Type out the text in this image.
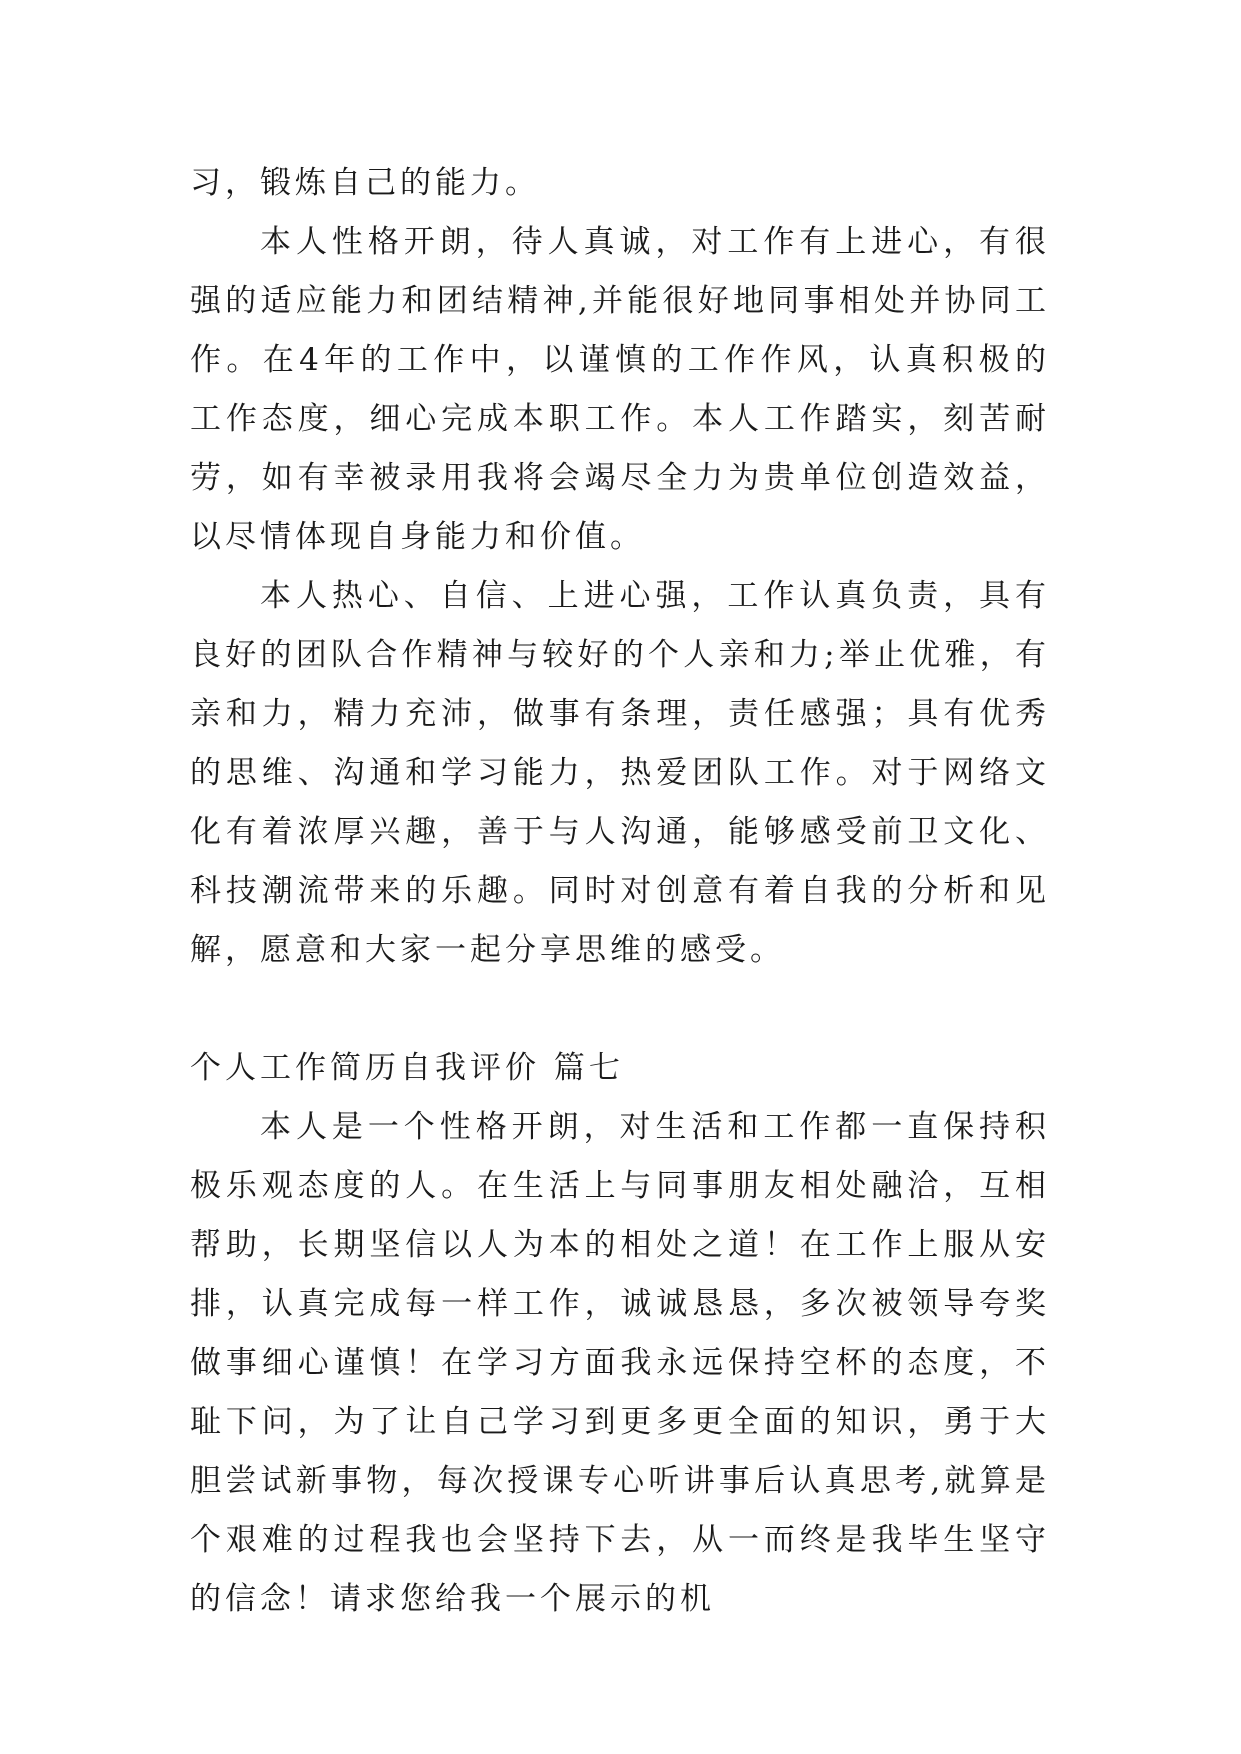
习，锻炼自己的能力。

本人性格开朗，待人真诚，对工作有上进心，有很强的适应能力和团结精神,并能很好地同事相处并协同工作。在4年的工作中，以谨慎的工作作风，认真积极的工作态度，细心完成本职工作。本人工作踏实，刻苦耐劳，如有幸被录用我将会竭尽全力为贵单位创造效益，以尽情体现自身能力和价值。

本人热心、自信、上进心强，工作认真负责，具有良好的团队合作精神与较好的个人亲和力;举止优雅，有亲和力，精力充沛，做事有条理，责任感强；具有优秀的思维、沟通和学习能力，热爱团队工作。对于网络文化有着浓厚兴趣，善于与人沟通，能够感受前卫文化、科技潮流带来的乐趣。同时对创意有着自我的分析和见解，愿意和大家一起分享思维的感受。

个人工作简历自我评价 篇七

本人是一个性格开朗，对生活和工作都一直保持积极乐观态度的人。在生活上与同事朋友相处融洽，互相帮助，长期坚信以人为本的相处之道！在工作上服从安排，认真完成每一样工作，诚诚恳恳，多次被领导夸奖做事细心谨慎！在学习方面我永远保持空杯的态度，不耻下问，为了让自己学习到更多更全面的知识，勇于大胆尝试新事物，每次授课专心听讲事后认真思考,就算是个艰难的过程我也会坚持下去，从一而终是我毕生坚守的信念！请求您给我一个展示的机
